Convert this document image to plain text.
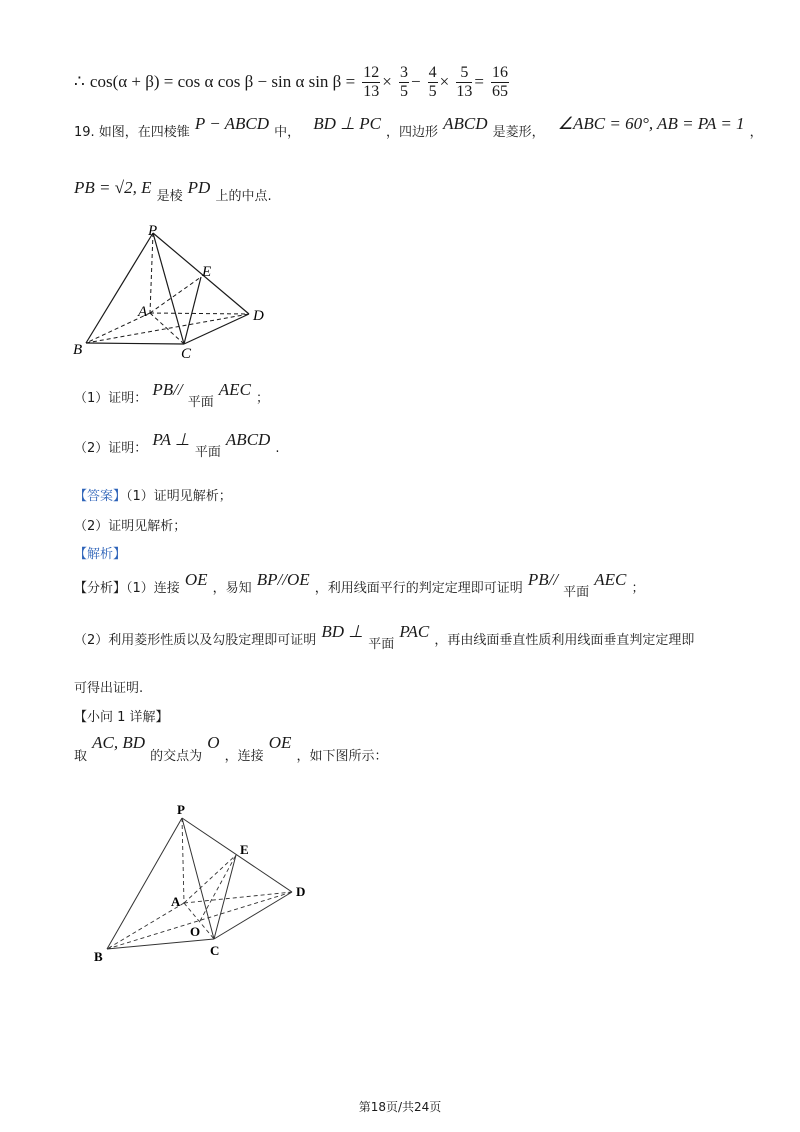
∴ cos(α + β) = cos α cos β − sin α $\sin \beta = \frac{12}{13} \times \frac{3}{5} - \frac{4}{5} \times \frac{5}{13} = \frac{16}{65}$
$_{19. 如图,在四棱锥}$ P − ABCD $_{中,}$ BD ⊥ PC $_{,四边形}$ ABCD $_{是菱形,}$ ∠ABC = 60°, AB = PA = 1 $_,$
PB = √2, E $_{是棱}$ PD $_{上的中点.}$
P
E
A	D
B	C
$_{(1)证明:}$ PB// $_{平面}$ AEC $_;$
$_{(2)证明:}$ PA ⊥ $_{平面}$ ABCD $_.$
【答案】（1）证明见解析；
（2）证明见解析；
【解析】
$_{【分析】(1)连接}$ OE $_{,易知}$ BP//OE $_{,利用线面平行的判定定理即可证明}$ PB// $_{平面}$ AEC $_;$
$_{(2)利用菱形性质以及勾股定理即可证明}$ BD ⊥ $_{平面}$ PAC $_{,再由线面垂直性质利用线面垂直判定定理即}$
可得出证明.
【小问 1 详解】
$_取$ AC, BD $_{的交点为}$ O $_{,连接}$ OE $_{,如下图所示:}$
P
E
A
D
O
B	C
第18页/共24页
